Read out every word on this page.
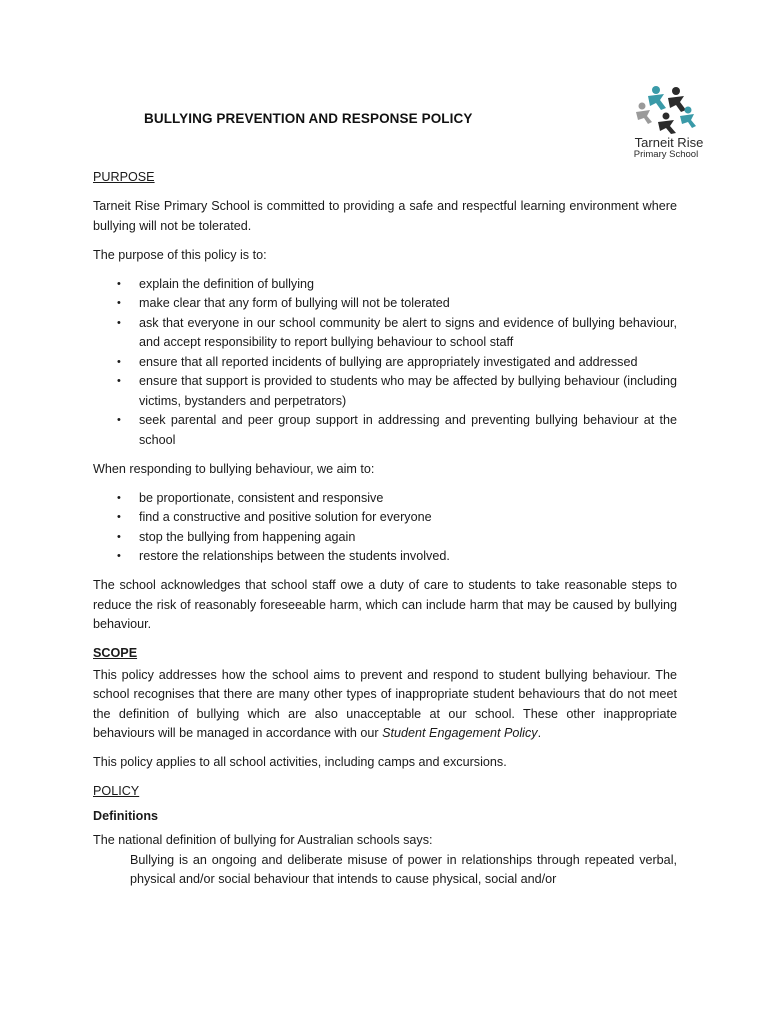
BULLYING PREVENTION AND RESPONSE POLICY
Tarneit Rise
Primary School

PURPOSE

Tarneit Rise Primary School is committed to providing a safe and respectful learning environment where bullying will not be tolerated.

The purpose of this policy is to:

• explain the definition of bullying
• make clear that any form of bullying will not be tolerated
• ask that everyone in our school community be alert to signs and evidence of bullying behaviour, and accept responsibility to report bullying behaviour to school staff
• ensure that all reported incidents of bullying are appropriately investigated and addressed
• ensure that support is provided to students who may be affected by bullying behaviour (including victims, bystanders and perpetrators)
• seek parental and peer group support in addressing and preventing bullying behaviour at the school

When responding to bullying behaviour, we aim to:

• be proportionate, consistent and responsive
• find a constructive and positive solution for everyone
• stop the bullying from happening again
• restore the relationships between the students involved.

The school acknowledges that school staff owe a duty of care to students to take reasonable steps to reduce the risk of reasonably foreseeable harm, which can include harm that may be caused by bullying behaviour.

SCOPE

This policy addresses how the school aims to prevent and respond to student bullying behaviour. The school recognises that there are many other types of inappropriate student behaviours that do not meet the definition of bullying which are also unacceptable at our school. These other inappropriate behaviours will be managed in accordance with our Student Engagement Policy.

This policy applies to all school activities, including camps and excursions.

POLICY

Definitions

The national definition of bullying for Australian schools says:

Bullying is an ongoing and deliberate misuse of power in relationships through repeated verbal, physical and/or social behaviour that intends to cause physical, social and/or
